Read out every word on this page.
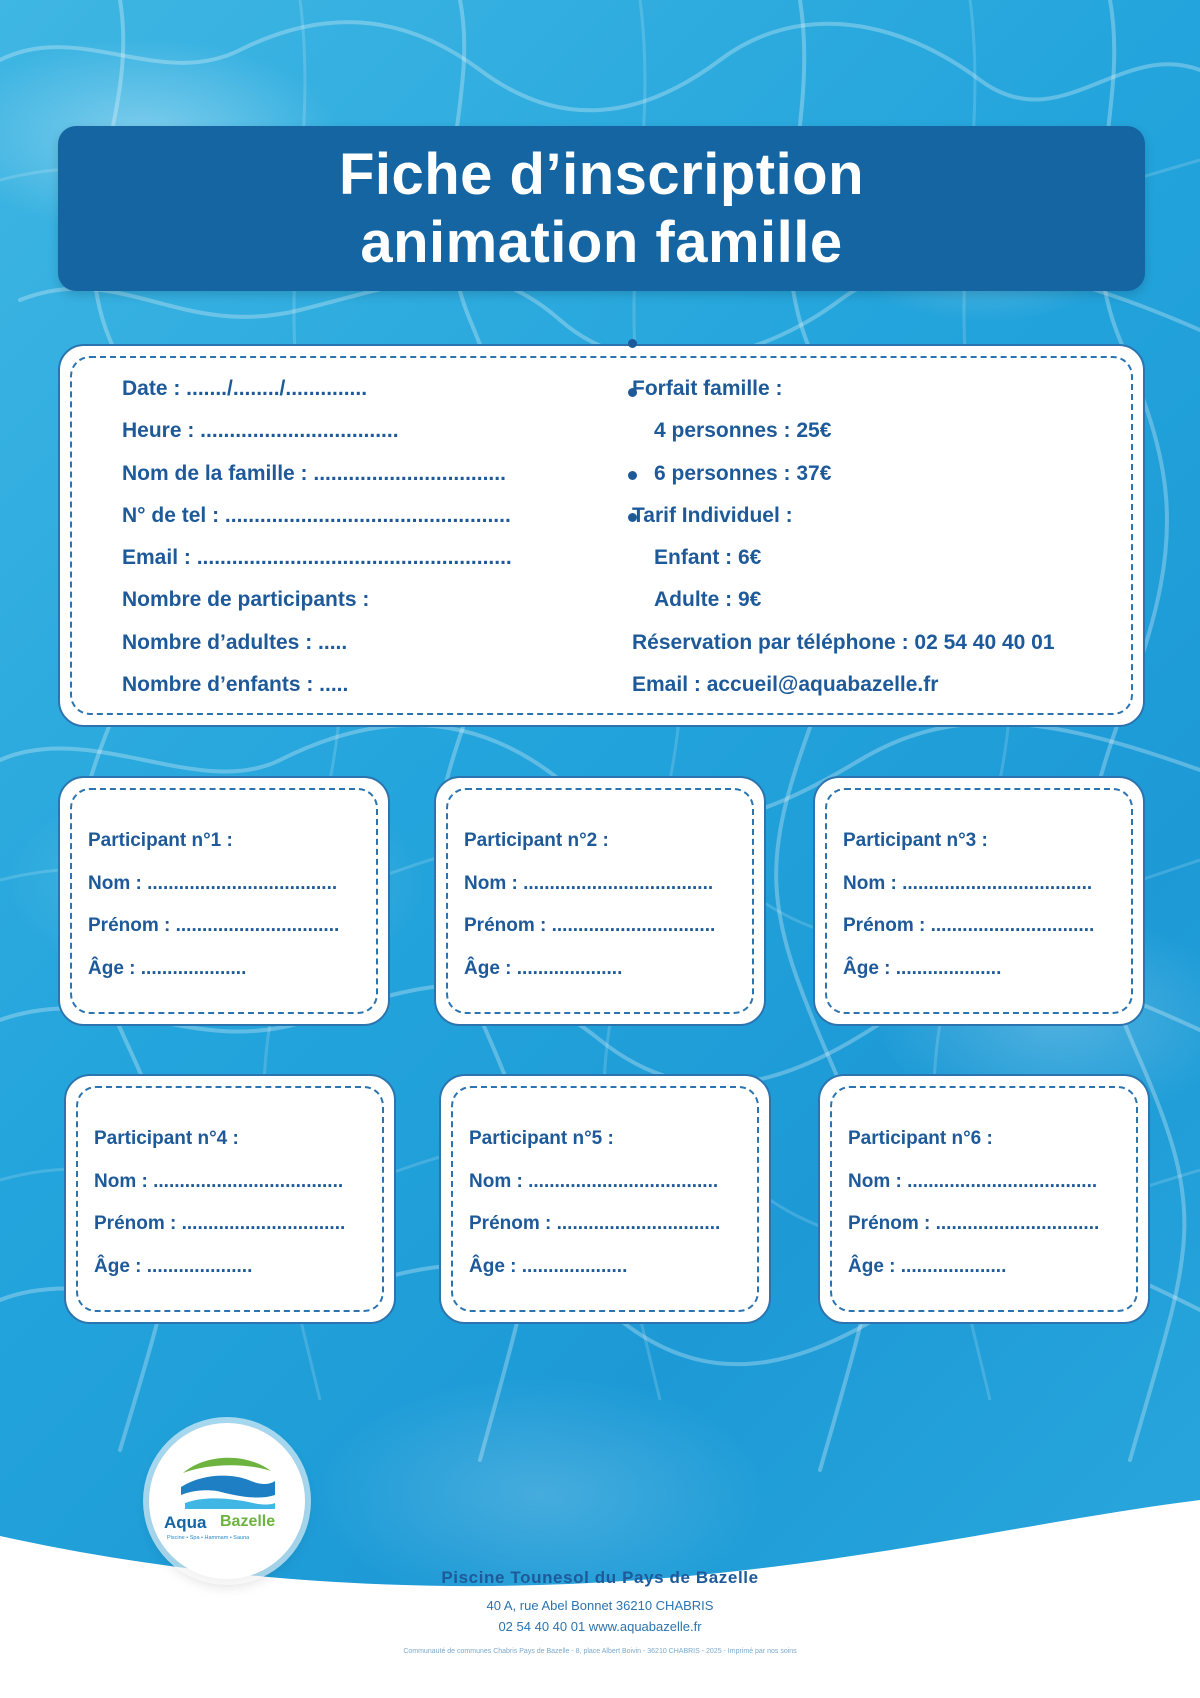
Fiche d’inscription
animation famille
Date : ......./......../..............
Heure : ..................................
Nom de la famille : .................................
N° de tel : .................................................
Email : ......................................................
Nombre de participants :
Nombre d’adultes : .....
Nombre d’enfants : .....
Forfait famille :
4 personnes : 25€
6 personnes : 37€
Tarif Individuel :
Enfant : 6€
Adulte : 9€
Réservation par téléphone : 02 54 40 40 01
Email : accueil@aquabazelle.fr
Participant n°1 :
Nom : ....................................
Prénom : ...............................
Âge : ....................
Participant n°2 :
Nom : ....................................
Prénom : ...............................
Âge : ....................
Participant n°3 :
Nom : ....................................
Prénom : ...............................
Âge : ....................
Participant n°4 :
Nom : ....................................
Prénom : ...............................
Âge : ....................
Participant n°5 :
Nom : ....................................
Prénom : ...............................
Âge : ....................
Participant n°6 :
Nom : ....................................
Prénom : ...............................
Âge : ....................
Aqua Bazelle
Piscine • Spa • Hammam • Sauna
Piscine Tounesol du Pays de Bazelle
40 A, rue Abel Bonnet 36210 CHABRIS
02 54 40 40 01 www.aquabazelle.fr
Communauté de communes Chabris Pays de Bazelle - 8, place Albert Boivin - 36210 CHABRIS - 2025 - Imprimé par nos soins
